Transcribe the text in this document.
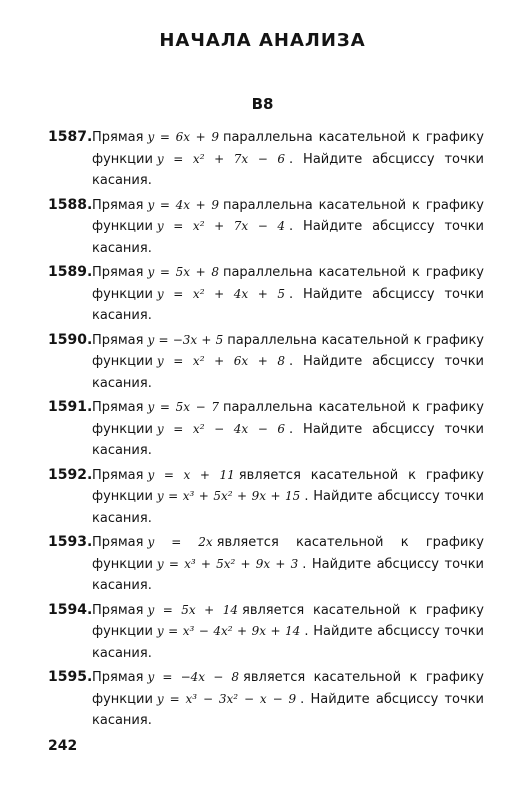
НАЧАЛА АНАЛИЗА
В8
1587. Прямая y = 6x + 9 параллельна касательной к графику функции y = x² + 7x − 6 . Найдите абсциссу точки касания.
1588. Прямая y = 4x + 9 параллельна касательной к графику функции y = x² + 7x − 4 . Найдите абсциссу точки касания.
1589. Прямая y = 5x + 8 параллельна касательной к графику функции y = x² + 4x + 5 . Найдите абсциссу точки касания.
1590. Прямая y = −3x + 5 параллельна касательной к графику функции y = x² + 6x + 8 . Найдите абсциссу точки касания.
1591. Прямая y = 5x − 7 параллельна касательной к графику функции y = x² − 4x − 6 . Найдите абсциссу точки касания.
1592. Прямая y = x + 11 является касательной к графику функции y = x³ + 5x² + 9x + 15 . Найдите абсциссу точки касания.
1593. Прямая y = 2x является касательной к графику функции y = x³ + 5x² + 9x + 3 . Найдите абсциссу точки касания.
1594. Прямая y = 5x + 14 является касательной к графику функции y = x³ − 4x² + 9x + 14 . Найдите абсциссу точки касания.
1595. Прямая y = −4x − 8 является касательной к графику функции y = x³ − 3x² − x − 9 . Найдите абсциссу точки касания.
242
